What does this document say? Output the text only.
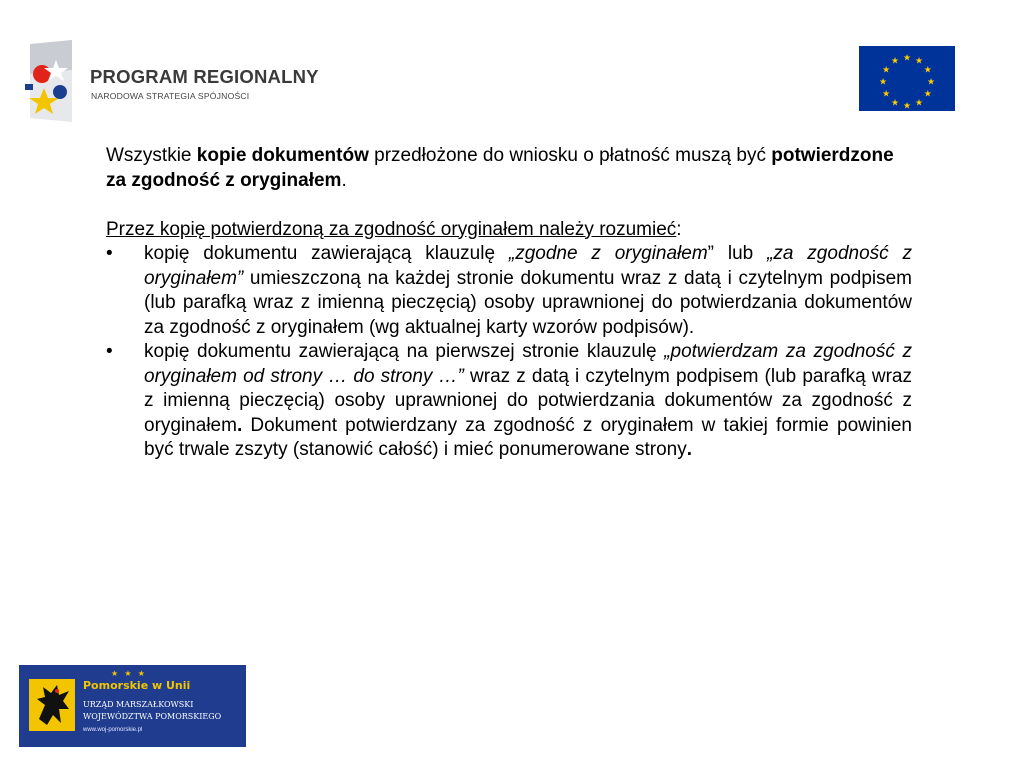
PROGRAM REGIONALNY
NARODOWA STRATEGIA SPÓJNOŚCI
★ ★
★
★
★
★
★
★
★
★
★
★

Wszystkie kopie dokumentów przedłożone do wniosku o płatność muszą być potwierdzone za zgodność z oryginałem.

Przez kopię potwierdzoną za zgodność oryginałem należy rozumieć:

• kopię dokumentu zawierającą klauzulę „zgodne z oryginałem” lub „za zgodność z oryginałem” umieszczoną na każdej stronie dokumentu wraz z datą i czytelnym podpisem (lub parafką wraz z imienną pieczęcią) osoby uprawnionej do potwierdzania dokumentów za zgodność z oryginałem (wg aktualnej karty wzorów podpisów).
• kopię dokumentu zawierającą na pierwszej stronie klauzulę „potwierdzam za zgodność z oryginałem od strony … do strony …” wraz z datą i czytelnym podpisem (lub parafką wraz z imienną pieczęcią) osoby uprawnionej do potwierdzania dokumentów za zgodność z oryginałem. Dokument potwierdzany za zgodność z oryginałem w takiej formie powinien być trwale zszyty (stanowić całość) i mieć ponumerowane strony.
★ ★ ★
Pomorskie w Unii
URZĄD MARSZAŁKOWSKI
WOJEWÓDZTWA POMORSKIEGO
www.woj-pomorskie.pl
